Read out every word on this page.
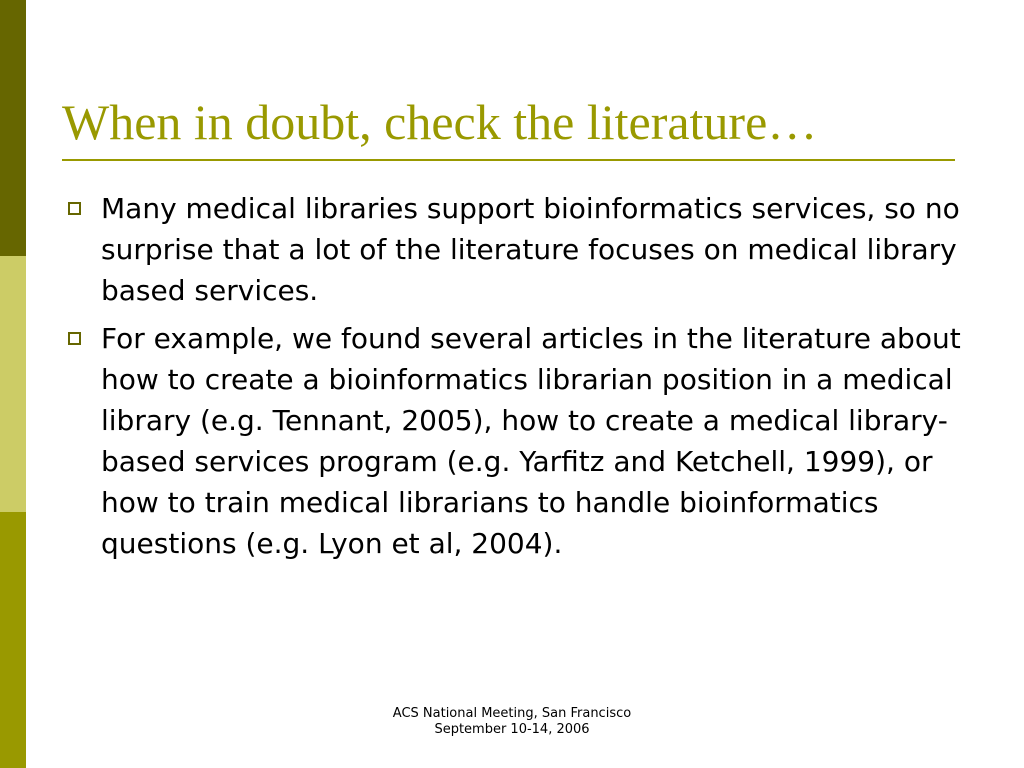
When in doubt, check the literature…
Many medical libraries support bioinformatics services, so no surprise that a lot of the literature focuses on medical library based services.
For example, we found several articles in the literature about how to create a bioinformatics librarian position in a medical library (e.g. Tennant, 2005), how to create a medical library-based services program (e.g. Yarfitz and Ketchell, 1999), or how to train medical librarians to handle bioinformatics questions (e.g. Lyon et al, 2004).
ACS National Meeting, San Francisco
September 10-14, 2006
